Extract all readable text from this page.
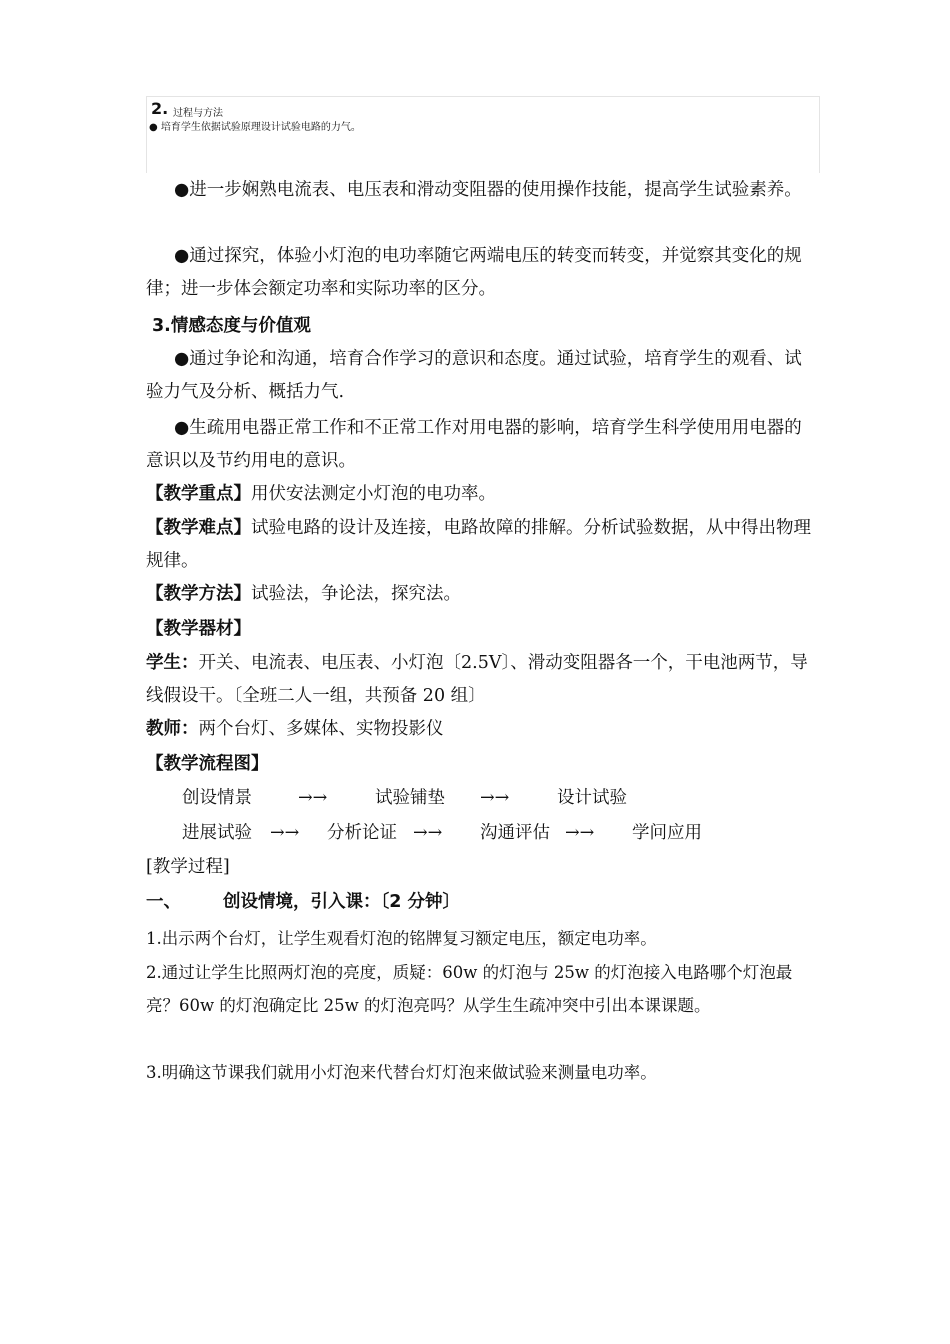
2. 过程与方法
● 培育学生依据试验原理设计试验电路的力气。

●进一步娴熟电流表、电压表和滑动变阻器的使用操作技能，提高学生试验素养。

●通过探究，体验小灯泡的电功率随它两端电压的转变而转变，并觉察其变化的规律；进一步体会额定功率和实际功率的区分。

3.情感态度与价值观

●通过争论和沟通，培育合作学习的意识和态度。通过试验，培育学生的观看、试验力气及分析、概括力气.

●生疏用电器正常工作和不正常工作对用电器的影响，培育学生科学使用用电器的意识以及节约用电的意识。

【教学重点】用伏安法测定小灯泡的电功率。

【教学难点】试验电路的设计及连接，电路故障的排解。分析试验数据，从中得出物理规律。

【教学方法】试验法，争论法，探究法。

【教学器材】

学生：开关、电流表、电压表、小灯泡〔2.5V〕、滑动变阻器各一个，干电池两节，导线假设干。〔全班二人一组，共预备 20 组〕

教师：两个台灯、多媒体、实物投影仪

【教学流程图】

创设情景	→→	试验铺垫 →→	设计试验
进展试验 →→ 分析论证 →→ 沟通评估 →→ 学问应用

[教学过程]

一、 创设情境，引入课：〔2 分钟〕

1.出示两个台灯，让学生观看灯泡的铭牌复习额定电压，额定电功率。

2.通过让学生比照两灯泡的亮度，质疑：60w 的灯泡与 25w 的灯泡接入电路哪个灯泡最亮？60w 的灯泡确定比 25w 的灯泡亮吗？从学生生疏冲突中引出本课课题。

3.明确这节课我们就用小灯泡来代替台灯灯泡来做试验来测量电功率。
